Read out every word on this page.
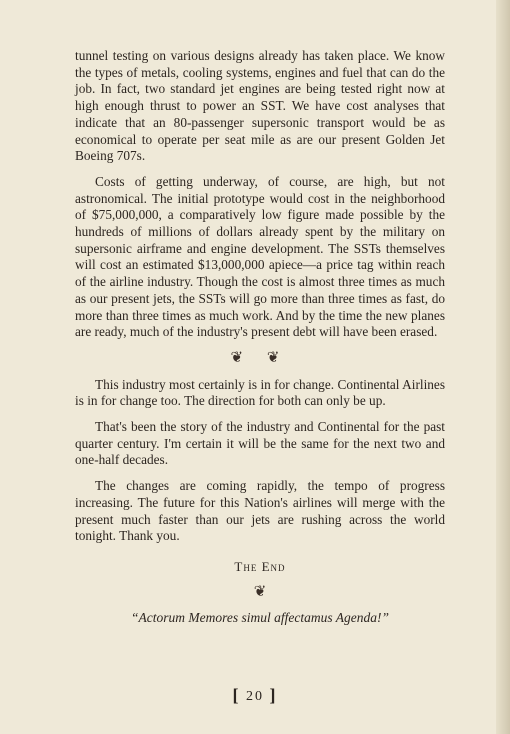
tunnel testing on various designs already has taken place. We know the types of metals, cooling systems, engines and fuel that can do the job. In fact, two standard jet engines are being tested right now at high enough thrust to power an SST. We have cost analyses that indicate that an 80-passenger supersonic transport would be as economical to operate per seat mile as are our present Golden Jet Boeing 707s.

Costs of getting underway, of course, are high, but not astronomical. The initial prototype would cost in the neighborhood of $75,000,000, a comparatively low figure made possible by the hundreds of millions of dollars already spent by the military on supersonic airframe and engine development. The SSTs themselves will cost an estimated $13,000,000 apiece—a price tag within reach of the airline industry. Though the cost is almost three times as much as our present jets, the SSTs will go more than three times as fast, do more than three times as much work. And by the time the new planes are ready, much of the industry's present debt will have been erased.

❦ ❦

This industry most certainly is in for change. Continental Airlines is in for change too. The direction for both can only be up.

That's been the story of the industry and Continental for the past quarter century. I'm certain it will be the same for the next two and one-half decades.

The changes are coming rapidly, the tempo of progress increasing. The future for this Nation's airlines will merge with the present much faster than our jets are rushing across the world tonight. Thank you.

The End
❦
“Actorum Memores simul affectamus Agenda!”
[ 20 ]
